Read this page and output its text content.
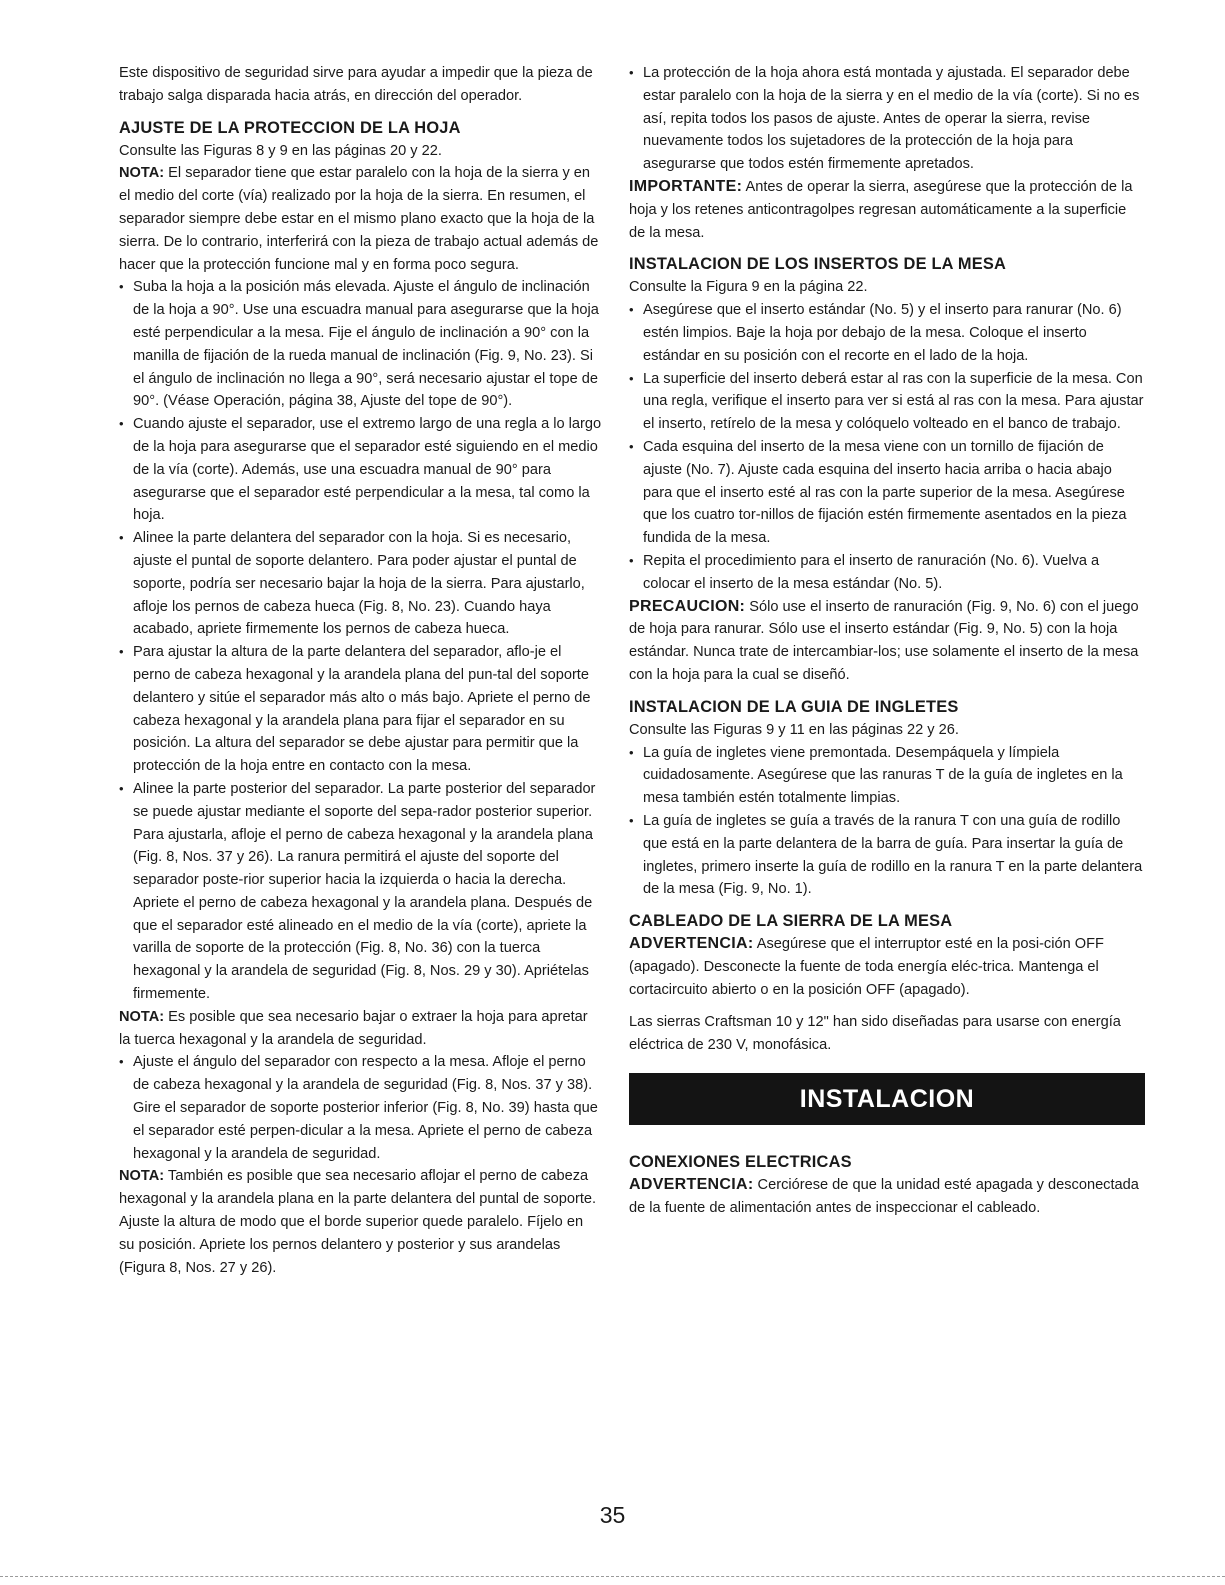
Este dispositivo de seguridad sirve para ayudar a impedir que la pieza de trabajo salga disparada hacia atrás, en dirección del operador.

AJUSTE DE LA PROTECCION DE LA HOJA

Consulte las Figuras 8 y 9 en las páginas 20 y 22.

NOTA: El separador tiene que estar paralelo con la hoja de la sierra y en el medio del corte (vía) realizado por la hoja de la sierra. En resumen, el separador siempre debe estar en el mismo plano exacto que la hoja de la sierra. De lo contrario, interferirá con la pieza de trabajo actual además de hacer que la protección funcione mal y en forma poco segura.

• Suba la hoja a la posición más elevada. Ajuste el ángulo de inclinación de la hoja a 90°. Use una escuadra manual para asegurarse que la hoja esté perpendicular a la mesa. Fije el ángulo de inclinación a 90° con la manilla de fijación de la rueda manual de inclinación (Fig. 9, No. 23). Si el ángulo de inclinación no llega a 90°, será necesario ajustar el tope de 90°. (Véase Operación, página 38, Ajuste del tope de 90°).
• Cuando ajuste el separador, use el extremo largo de una regla a lo largo de la hoja para asegurarse que el separador esté siguiendo en el medio de la vía (corte). Además, use una escuadra manual de 90° para asegurarse que el separador esté perpendicular a la mesa, tal como la hoja.
• Alinee la parte delantera del separador con la hoja. Si es necesario, ajuste el puntal de soporte delantero. Para poder ajustar el puntal de soporte, podría ser necesario bajar la hoja de la sierra. Para ajustarlo, afloje los pernos de cabeza hueca (Fig. 8, No. 23). Cuando haya acabado, apriete firmemente los pernos de cabeza hueca.
• Para ajustar la altura de la parte delantera del separador, aflo-je el perno de cabeza hexagonal y la arandela plana del pun-tal del soporte delantero y sitúe el separador más alto o más bajo. Apriete el perno de cabeza hexagonal y la arandela plana para fijar el separador en su posición. La altura del separador se debe ajustar para permitir que la protección de la hoja entre en contacto con la mesa.
• Alinee la parte posterior del separador. La parte posterior del separador se puede ajustar mediante el soporte del sepa-rador posterior superior. Para ajustarla, afloje el perno de cabeza hexagonal y la arandela plana (Fig. 8, Nos. 37 y 26). La ranura permitirá el ajuste del soporte del separador poste-rior superior hacia la izquierda o hacia la derecha. Apriete el perno de cabeza hexagonal y la arandela plana. Después de que el separador esté alineado en el medio de la vía (corte), apriete la varilla de soporte de la protección (Fig. 8, No. 36) con la tuerca hexagonal y la arandela de seguridad (Fig. 8, Nos. 29 y 30). Apriételas firmemente.

NOTA: Es posible que sea necesario bajar o extraer la hoja para apretar la tuerca hexagonal y la arandela de seguridad.

• Ajuste el ángulo del separador con respecto a la mesa. Afloje el perno de cabeza hexagonal y la arandela de seguridad (Fig. 8, Nos. 37 y 38). Gire el separador de soporte posterior inferior (Fig. 8, No. 39) hasta que el separador esté perpen-dicular a la mesa. Apriete el perno de cabeza hexagonal y la arandela de seguridad.

NOTA: También es posible que sea necesario aflojar el perno de cabeza hexagonal y la arandela plana en la parte delantera del puntal de soporte. Ajuste la altura de modo que el borde superior quede paralelo. Fíjelo en su posición. Apriete los pernos delantero y posterior y sus arandelas (Figura 8, Nos. 27 y 26).

• La protección de la hoja ahora está montada y ajustada. El separador debe estar paralelo con la hoja de la sierra y en el medio de la vía (corte). Si no es así, repita todos los pasos de ajuste. Antes de operar la sierra, revise nuevamente todos los sujetadores de la protección de la hoja para asegurarse que todos estén firmemente apretados.

IMPORTANTE: Antes de operar la sierra, asegúrese que la protección de la hoja y los retenes anticontragolpes regresan automáticamente a la superficie de la mesa.

INSTALACION DE LOS INSERTOS DE LA MESA

Consulte la Figura 9 en la página 22.

• Asegúrese que el inserto estándar (No. 5) y el inserto para ranurar (No. 6) estén limpios. Baje la hoja por debajo de la mesa. Coloque el inserto estándar en su posición con el recorte en el lado de la hoja.
• La superficie del inserto deberá estar al ras con la superficie de la mesa. Con una regla, verifique el inserto para ver si está al ras con la mesa. Para ajustar el inserto, retírelo de la mesa y colóquelo volteado en el banco de trabajo.
• Cada esquina del inserto de la mesa viene con un tornillo de fijación de ajuste (No. 7). Ajuste cada esquina del inserto hacia arriba o hacia abajo para que el inserto esté al ras con la parte superior de la mesa. Asegúrese que los cuatro tor-nillos de fijación estén firmemente asentados en la pieza fundida de la mesa.
• Repita el procedimiento para el inserto de ranuración (No. 6). Vuelva a colocar el inserto de la mesa estándar (No. 5).

PRECAUCION: Sólo use el inserto de ranuración (Fig. 9, No. 6) con el juego de hoja para ranurar. Sólo use el inserto estándar (Fig. 9, No. 5) con la hoja estándar. Nunca trate de intercambiar-los; use solamente el inserto de la mesa con la hoja para la cual se diseñó.

INSTALACION DE LA GUIA DE INGLETES

Consulte las Figuras 9 y 11 en las páginas 22 y 26.

• La guía de ingletes viene premontada. Desempáquela y límpiela cuidadosamente. Asegúrese que las ranuras T de la guía de ingletes en la mesa también estén totalmente limpias.
• La guía de ingletes se guía a través de la ranura T con una guía de rodillo que está en la parte delantera de la barra de guía. Para insertar la guía de ingletes, primero inserte la guía de rodillo en la ranura T en la parte delantera de la mesa (Fig. 9, No. 1).
CABLEADO DE LA SIERRA DE LA MESA

ADVERTENCIA: Asegúrese que el interruptor esté en la posi-ción OFF (apagado). Desconecte la fuente de toda energía eléc-trica. Mantenga el cortacircuito abierto o en la posición OFF (apagado).

Las sierras Craftsman 10 y 12" han sido diseñadas para usarse con energía eléctrica de 230 V, monofásica.

INSTALACION
CONEXIONES ELECTRICAS

ADVERTENCIA: Cerciórese de que la unidad esté apagada y desconectada de la fuente de alimentación antes de inspeccionar el cableado.

35
